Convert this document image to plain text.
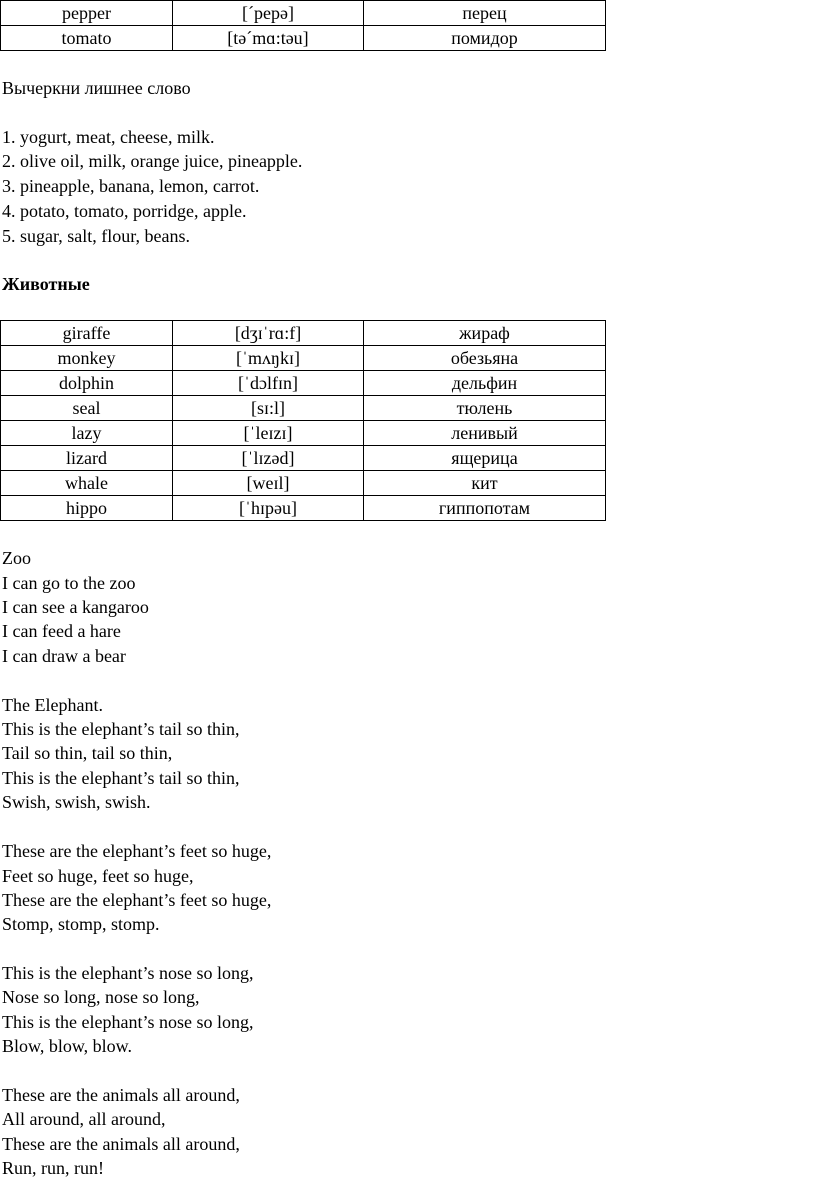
pepper	[ˊpepə]	перец
tomato	[təˊmɑ:təu]	помидор
Вычеркни лишнее слово
1. yogurt, meat, cheese, milk.
2. olive oil, milk, orange juice, pineapple.
3. pineapple, banana, lemon, carrot.
4. potato, tomato, porridge, apple.
5. sugar, salt, flour, beans.
Животные
giraffe	[dʒɪˈrɑ:f]	жираф
monkey	[ˈmʌŋkɪ]	обезьяна
dolphin	[ˈdɔlfɪn]	дельфин
seal	[sɪ:l]	тюлень
lazy	[ˈleɪzɪ]	ленивый
lizard	[ˈlɪzəd]	ящерица
whale	[weɪl]	кит
hippo	[ˈhɪpəu]	гиппопотам
Zoo
I can go to the zoo
I can see a kangaroo
I can feed a hare
I can draw a bear
The Elephant.
This is the elephant’s tail so thin,
Tail so thin, tail so thin,
This is the elephant’s tail so thin,
Swish, swish, swish.
These are the elephant’s feet so huge,
Feet so huge, feet so huge,
These are the elephant’s feet so huge,
Stomp, stomp, stomp.
This is the elephant’s nose so long,
Nose so long, nose so long,
This is the elephant’s nose so long,
Blow, blow, blow.
These are the animals all around,
All around, all around,
These are the animals all around,
Run, run, run!
